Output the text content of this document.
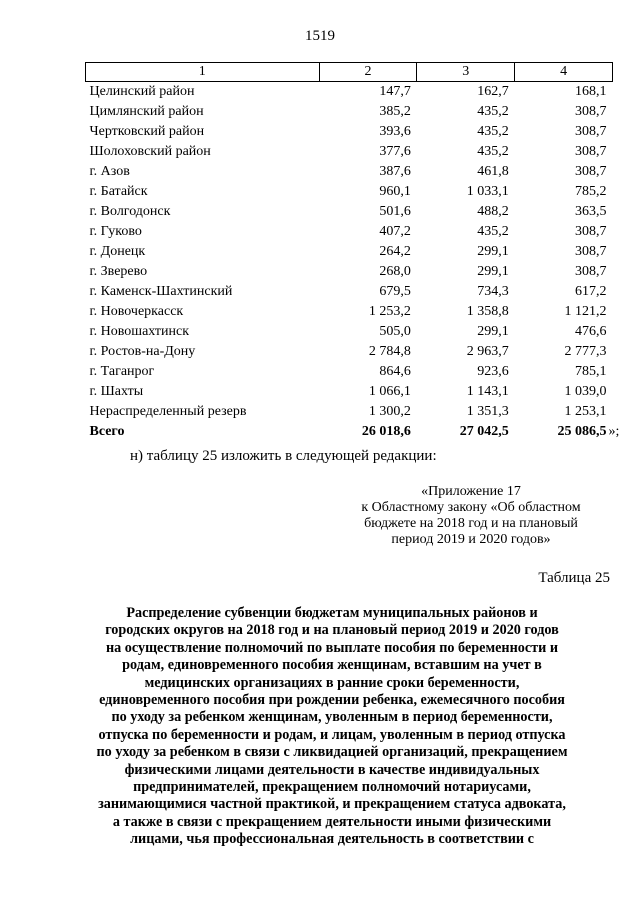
1519
1	2	3	4
Целинский район	147,7	162,7	168,1
Цимлянский район	385,2	435,2	308,7
Чертковский район	393,6	435,2	308,7
Шолоховский район	377,6	435,2	308,7
г. Азов	387,6	461,8	308,7
г. Батайск	960,1	1 033,1	785,2
г. Волгодонск	501,6	488,2	363,5
г. Гуково	407,2	435,2	308,7
г. Донецк	264,2	299,1	308,7
г. Зверево	268,0	299,1	308,7
г. Каменск-Шахтинский	679,5	734,3	617,2
г. Новочеркасск	1 253,2	1 358,8	1 121,2
г. Новошахтинск	505,0	299,1	476,6
г. Ростов-на-Дону	2 784,8	2 963,7	2 777,3
г. Таганрог	864,6	923,6	785,1
г. Шахты	1 066,1	1 143,1	1 039,0
Нераспределенный резерв	1 300,2	1 351,3	1 253,1
Всего	26 018,6	27 042,5	25 086,5 »;
н) таблицу 25 изложить в следующей редакции:
«Приложение 17
к Областному закону «Об областном
бюджете на 2018 год и на плановый
период 2019 и 2020 годов»
Таблица 25
Распределение субвенции бюджетам муниципальных районов и
городских округов на 2018 год и на плановый период 2019 и 2020 годов
на осуществление полномочий по выплате пособия по беременности и
родам, единовременного пособия женщинам, вставшим на учет в
медицинских организациях в ранние сроки беременности,
единовременного пособия при рождении ребенка, ежемесячного пособия
по уходу за ребенком женщинам, уволенным в период беременности,
отпуска по беременности и родам, и лицам, уволенным в период отпуска
по уходу за ребенком в связи с ликвидацией организаций, прекращением
физическими лицами деятельности в качестве индивидуальных
предпринимателей, прекращением полномочий нотариусами,
занимающимися частной практикой, и прекращением статуса адвоката,
а также в связи с прекращением деятельности иными физическими
лицами, чья профессиональная деятельность в соответствии с
